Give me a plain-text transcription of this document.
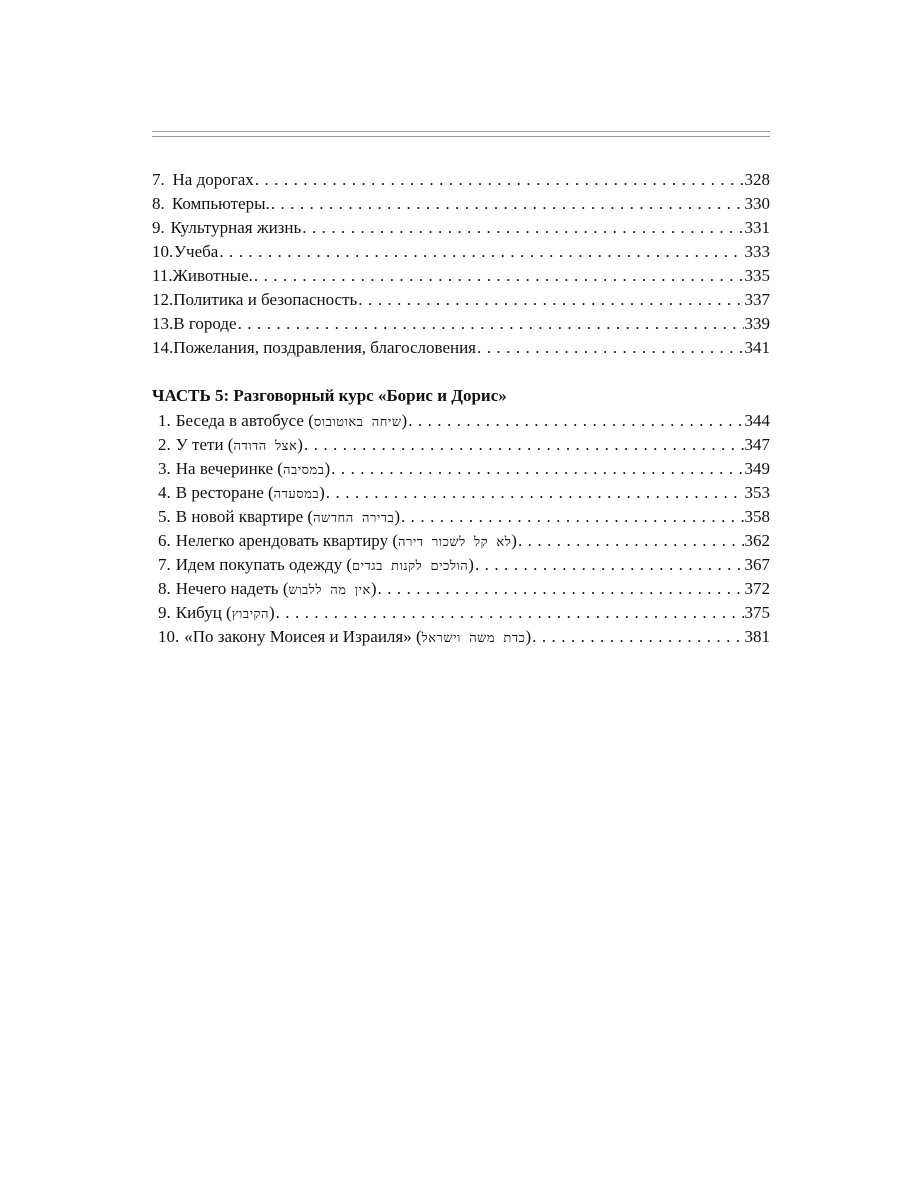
7. На дорогах . . .	328
8. Компьютеры. . . .	330
9. Культурная жизнь . . .	331
10. Учеба . . .	333
11. Животные. . . .	335
12. Политика и безопасность . . .	337
13. В городе . . .	339
14. Пожелания, поздравления, благословения . . .	341
ЧАСТЬ 5: Разговорный курс «Борис и Дорис»
1. Беседа в автобусе (שיחה באוטובוס) . . .	344
2. У тети (אצל הדודה) . . .	347
3. На вечеринке (במסיבה) . . .	349
4. В ресторане (במסעדה) . . .	353
5. В новой квартире (בדירה החדשה) . . .	358
6. Нелегко арендовать квартиру (לא קל לשכור דירה) . . .	362
7. Идем покупать одежду (הולכים לקנות בגדים) . . .	367
8. Нечего надеть (אין מה ללבוש) . . .	372
9. Кибуц (הקיבוץ) . . .	375
10. «По закону Моисея и Израиля» (כדת משה וישראל) . . .	381
